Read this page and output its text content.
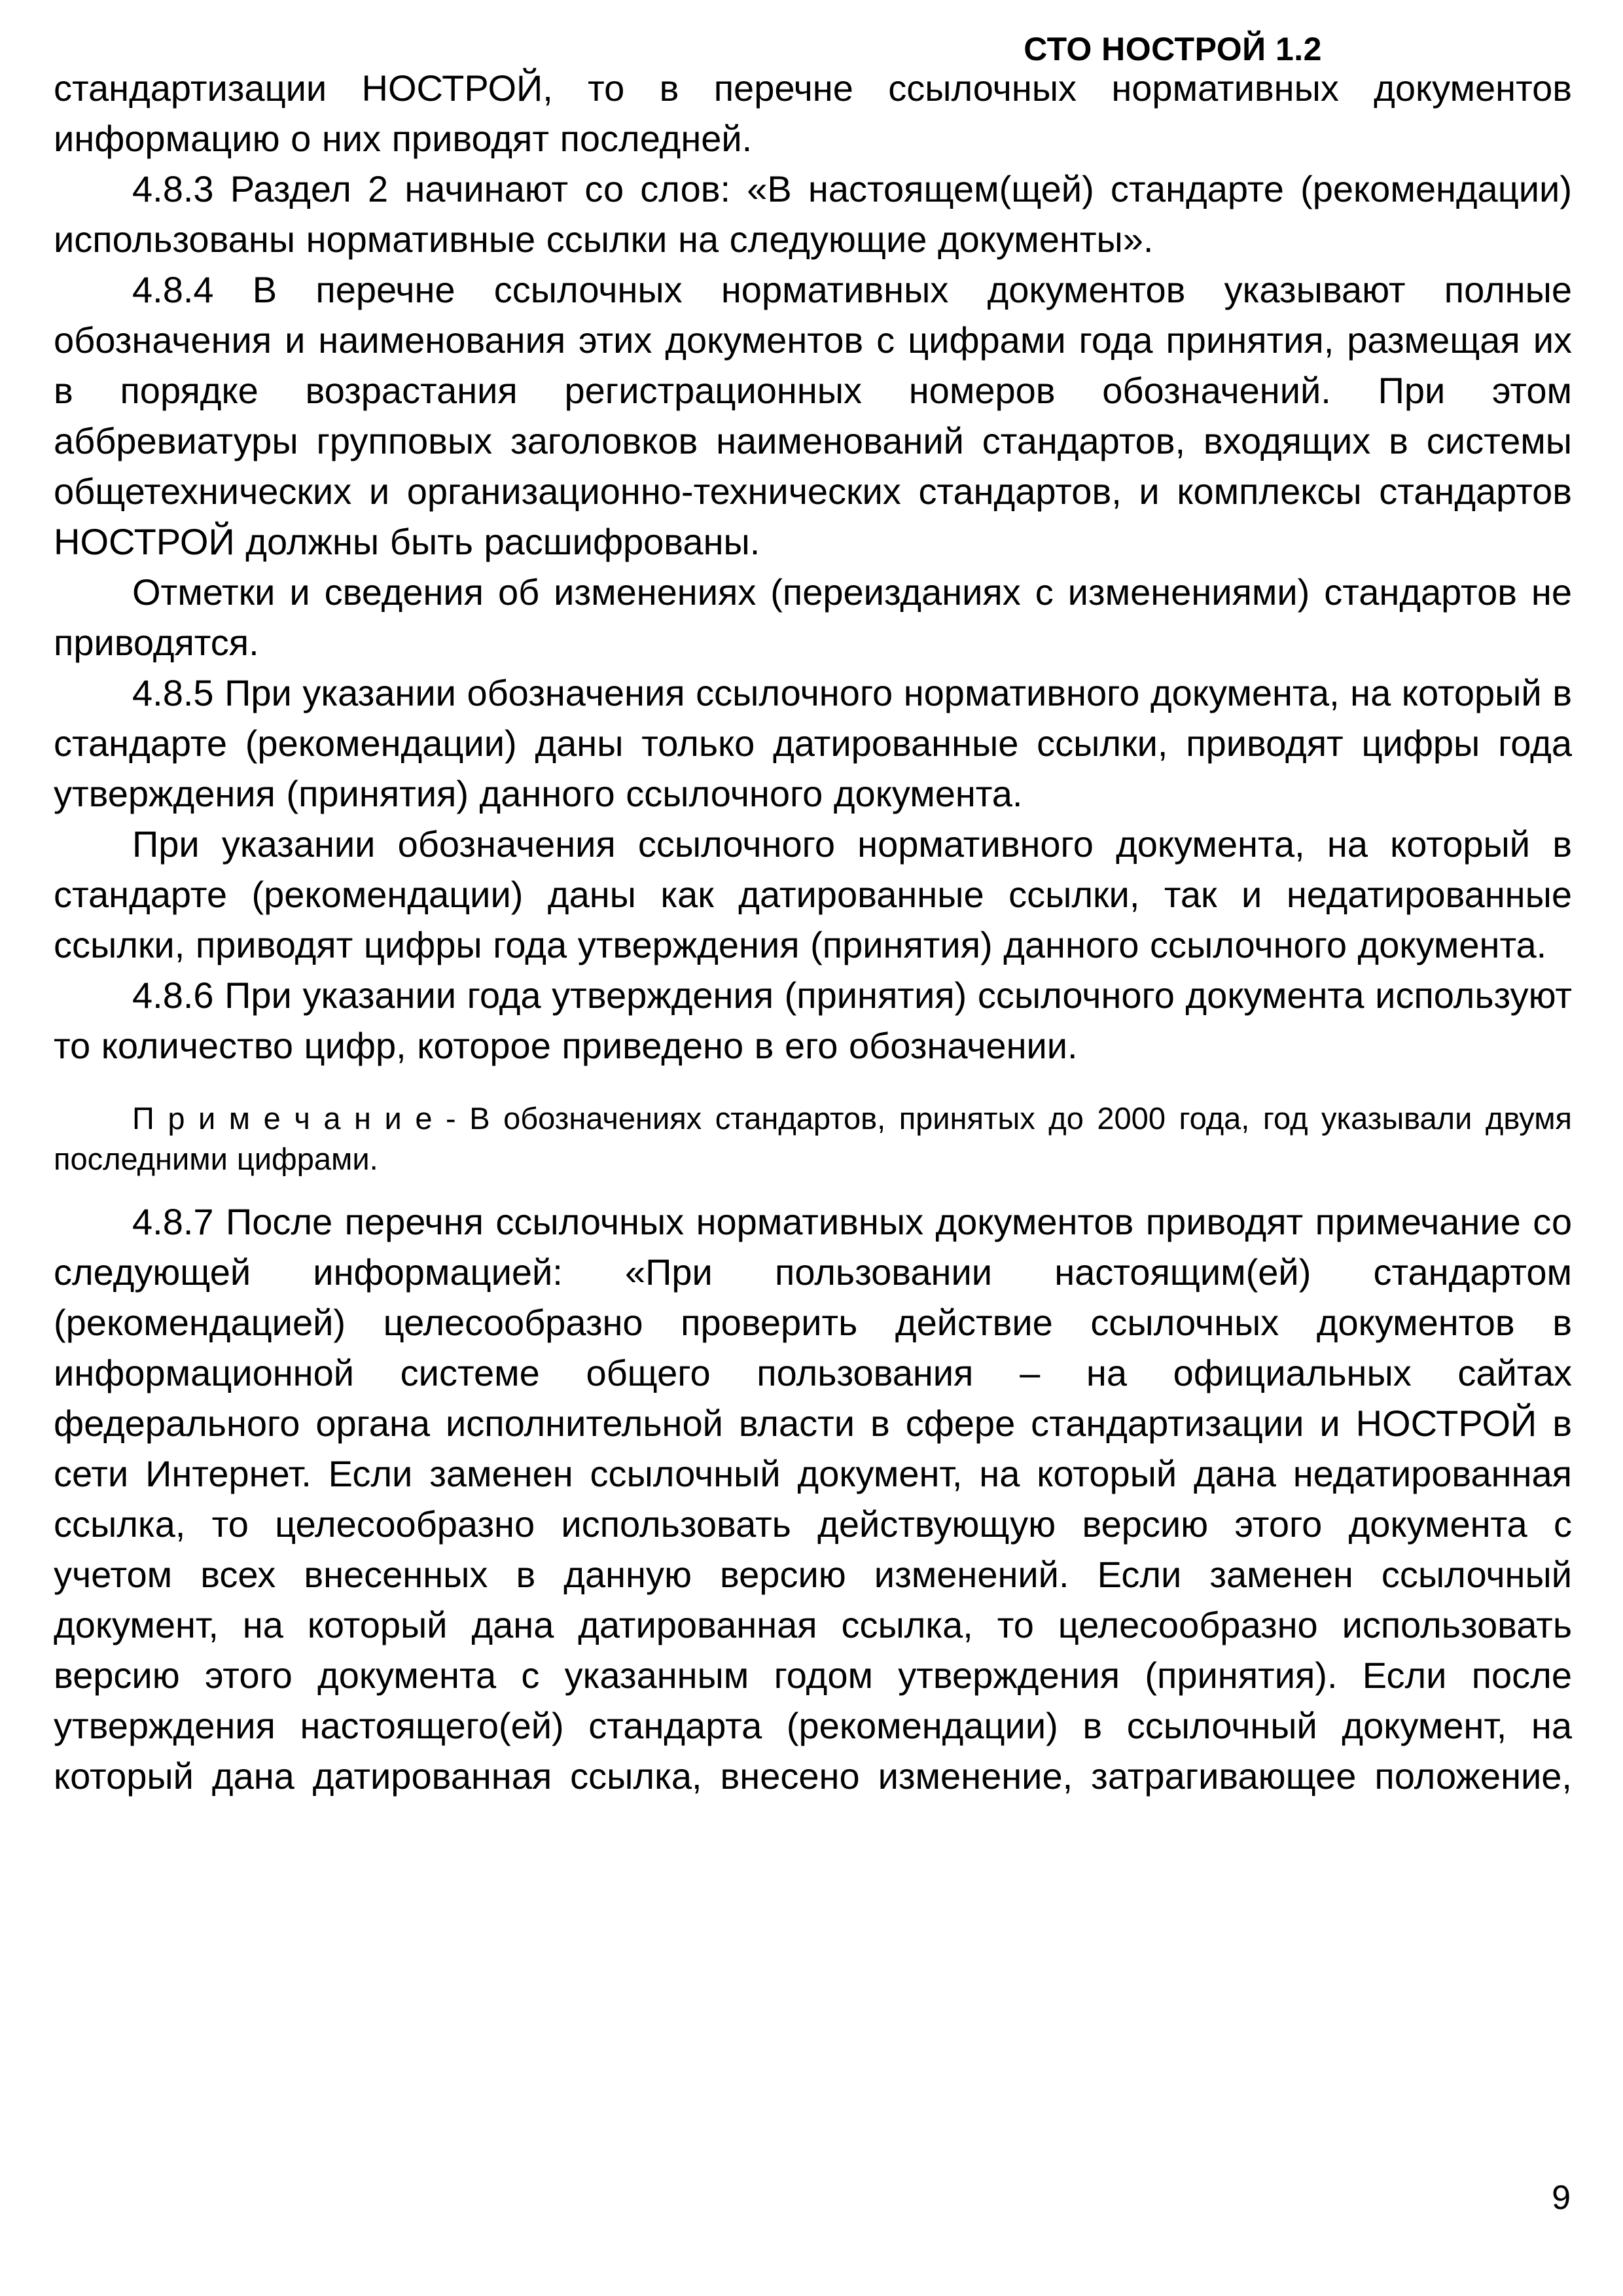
СТО НОСТРОЙ 1.2

стандартизации НОСТРОЙ, то в перечне ссылочных нормативных документов информацию о них приводят последней.

4.8.3 Раздел 2 начинают со слов: «В настоящем(щей) стандарте (рекомендации) использованы нормативные ссылки на следующие документы».

4.8.4 В перечне ссылочных нормативных документов указывают полные обозначения и наименования этих документов с цифрами года принятия, размещая их в порядке возрастания регистрационных номеров обозначений. При этом аббревиатуры групповых заголовков наименований стандартов, входящих в системы общетехнических и организационно-технических стандартов, и комплексы стандартов НОСТРОЙ должны быть расшифрованы.

Отметки и сведения об изменениях (переизданиях с изменениями) стандартов не приводятся.

4.8.5 При указании обозначения ссылочного нормативного документа, на который в стандарте (рекомендации) даны только датированные ссылки, приводят цифры года утверждения (принятия) данного ссылочного документа.

При указании обозначения ссылочного нормативного документа, на который в стандарте (рекомендации) даны как датированные ссылки, так и недатированные ссылки, приводят цифры года утверждения (принятия) данного ссылочного документа.

4.8.6 При указании года утверждения (принятия) ссылочного документа используют то количество цифр, которое приведено в его обозначении.

П р и м е ч а н и е - В обозначениях стандартов, принятых до 2000 года, год указывали двумя последними цифрами.

4.8.7 После перечня ссылочных нормативных документов приводят примечание со следующей информацией: «При пользовании настоящим(ей) стандартом (рекомендацией) целесообразно проверить действие ссылочных документов в информационной системе общего пользования – на официальных сайтах федерального органа исполнительной власти в сфере стандартизации и НОСТРОЙ в сети Интернет. Если заменен ссылочный документ, на который дана недатированная ссылка, то целесообразно использовать действующую версию этого документа с учетом всех внесенных в данную версию изменений. Если заменен ссылочный документ, на который дана датированная ссылка, то целесообразно использовать версию этого документа с указанным годом утверждения (принятия). Если после утверждения настоящего(ей) стандарта (рекомендации) в ссылочный документ, на который дана датированная ссылка, внесено изменение, затрагивающее положение,

9
